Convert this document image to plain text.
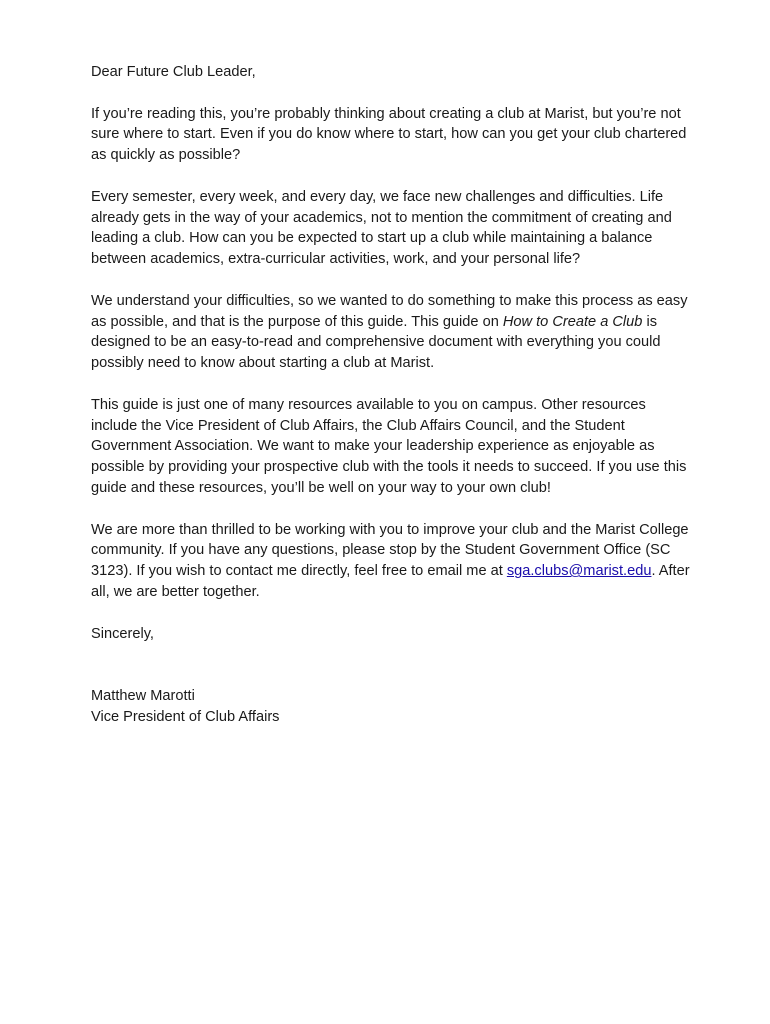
Dear Future Club Leader,

If you’re reading this, you’re probably thinking about creating a club at Marist, but you’re not sure where to start. Even if you do know where to start, how can you get your club chartered as quickly as possible?

Every semester, every week, and every day, we face new challenges and difficulties. Life already gets in the way of your academics, not to mention the commitment of creating and leading a club. How can you be expected to start up a club while maintaining a balance between academics, extra-curricular activities, work, and your personal life?

We understand your difficulties, so we wanted to do something to make this process as easy as possible, and that is the purpose of this guide. This guide on How to Create a Club is designed to be an easy-to-read and comprehensive document with everything you could possibly need to know about starting a club at Marist.

This guide is just one of many resources available to you on campus. Other resources include the Vice President of Club Affairs, the Club Affairs Council, and the Student Government Association. We want to make your leadership experience as enjoyable as possible by providing your prospective club with the tools it needs to succeed. If you use this guide and these resources, you’ll be well on your way to your own club!

We are more than thrilled to be working with you to improve your club and the Marist College community. If you have any questions, please stop by the Student Government Office (SC 3123). If you wish to contact me directly, feel free to email me at sga.clubs@marist.edu. After all, we are better together.

Sincerely,

Matthew Marotti
Vice President of Club Affairs
